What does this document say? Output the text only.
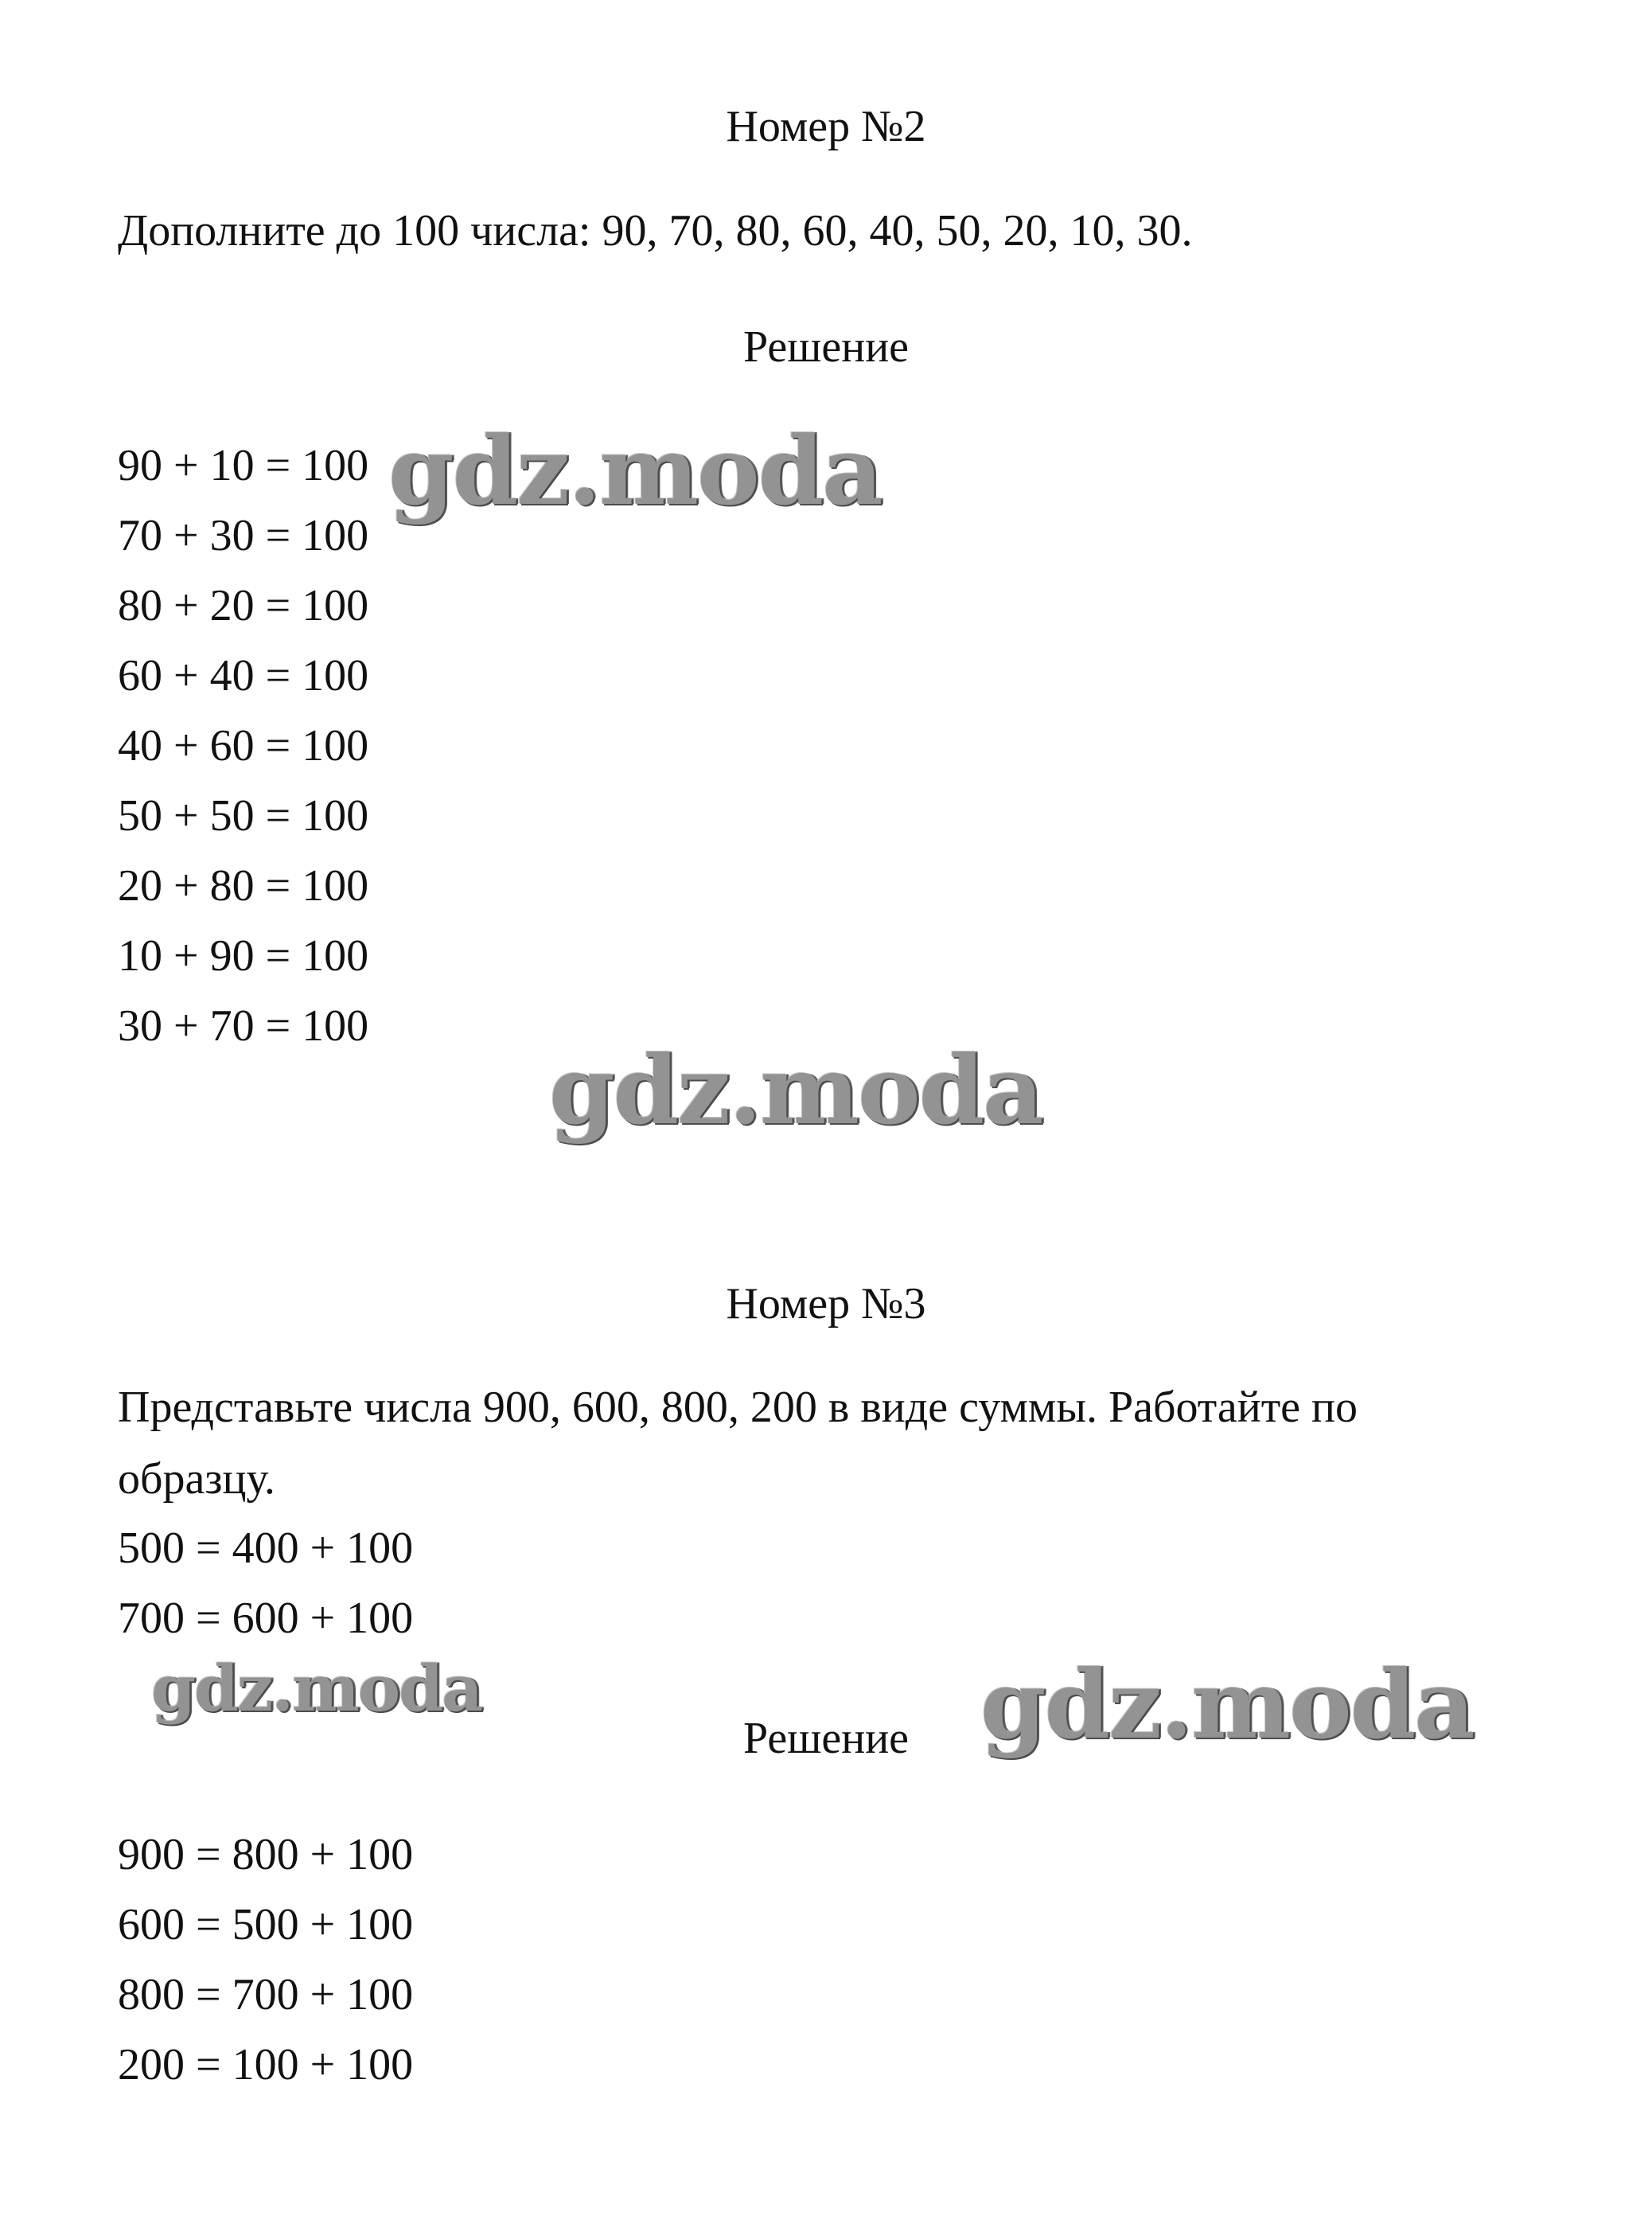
Номер №2
Дополните до 100 числа: 90, 70, 80, 60, 40, 50, 20, 10, 30.
Решение
90 + 10 = 100
70 + 30 = 100
80 + 20 = 100
60 + 40 = 100
40 + 60 = 100
50 + 50 = 100
20 + 80 = 100
10 + 90 = 100
30 + 70 = 100
Номер №3
Представьте числа 900, 600, 800, 200 в виде суммы. Работайте по
образцу.
500 = 400 + 100
700 = 600 + 100
Решение
900 = 800 + 100
600 = 500 + 100
800 = 700 + 100
200 = 100 + 100
gdz.moda
gdz.moda
gdz.moda	gdz.moda
